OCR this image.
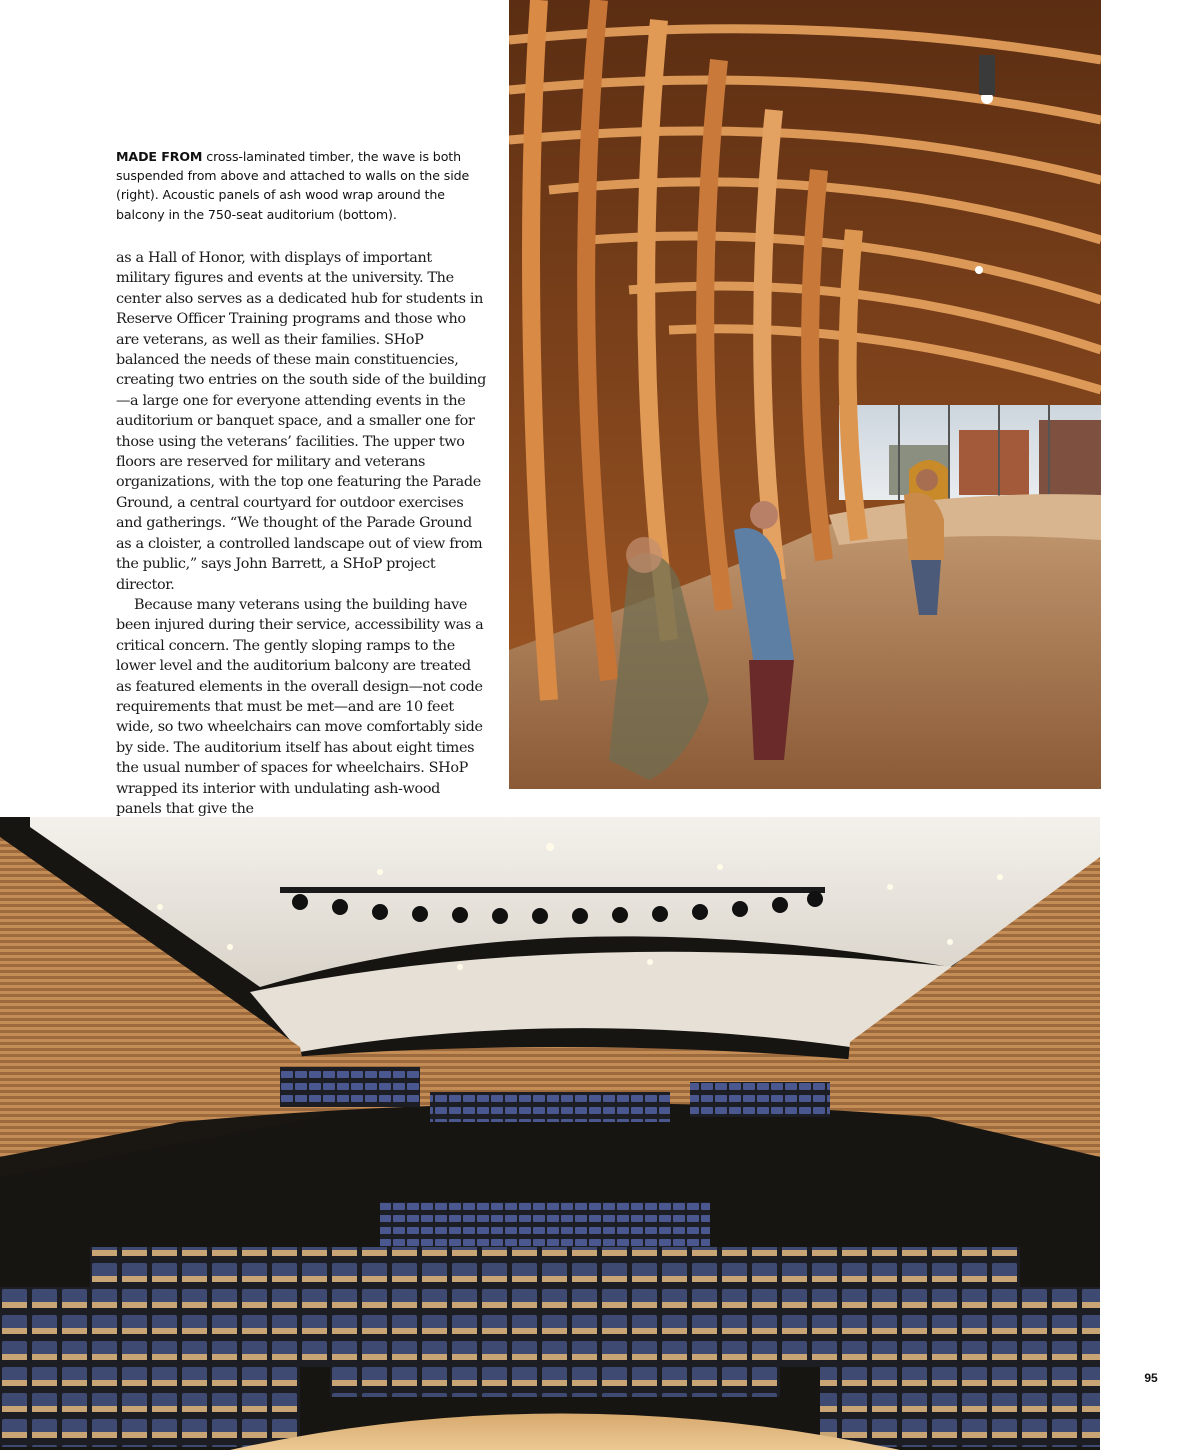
MADE FROM cross-laminated timber, the wave is both suspended from above and attached to walls on the side (right). Acoustic panels of ash wood wrap around the balcony in the 750-seat auditorium (bottom).

as a Hall of Honor, with displays of important military figures and events at the university. The center also serves as a dedicated hub for students in Reserve Officer Training programs and those who are veterans, as well as their families. SHoP balanced the needs of these main constituencies, creating two entries on the south side of the building—a large one for everyone attending events in the auditorium or banquet space, and a smaller one for those using the veterans’ facilities. The upper two floors are reserved for military and veterans organizations, with the top one featuring the Parade Ground, a central courtyard for outdoor exercises and gatherings. “We thought of the Parade Ground as a cloister, a controlled landscape out of view from the public,” says John Barrett, a SHoP project director.

Because many veterans using the building have been injured during their service, accessibility was a critical concern. The gently sloping ramps to the lower level and the auditorium balcony are treated as featured elements in the overall design—not code requirements that must be met—and are 10 feet wide, so two wheelchairs can move comfortably side by side. The auditorium itself has about eight times the usual number of spaces for wheelchairs. SHoP wrapped its interior with undulating ash-wood panels that give the

95
